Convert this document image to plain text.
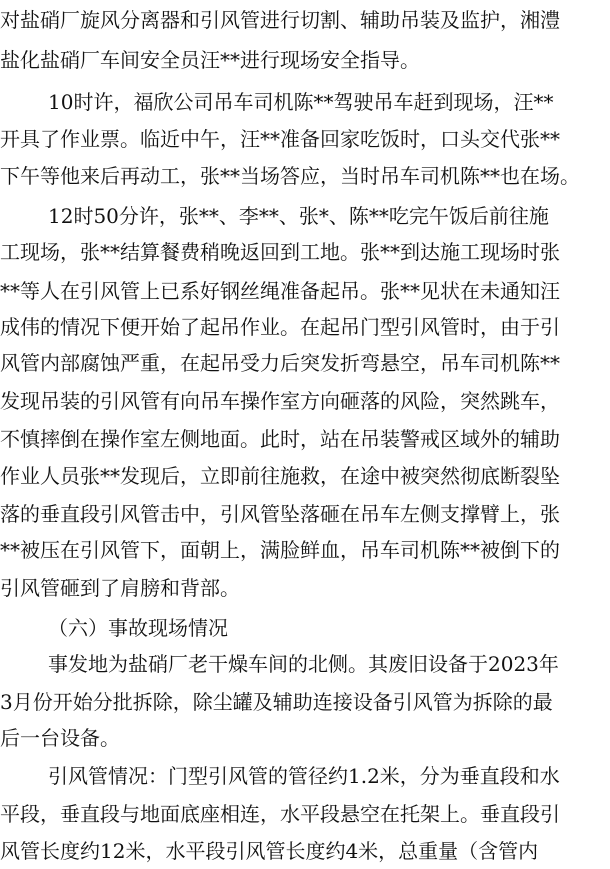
对盐硝厂旋风分离器和引风管进行切割、辅助吊装及监护，湘澧
盐化盐硝厂车间安全员汪**进行现场安全指导。
10时许，福欣公司吊车司机陈**驾驶吊车赶到现场，汪**
开具了作业票。临近中午，汪**准备回家吃饭时，口头交代张**
下午等他来后再动工，张**当场答应，当时吊车司机陈**也在场。
12时50分许，张**、李**、张*、陈**吃完午饭后前往施
工现场，张**结算餐费稍晚返回到工地。张**到达施工现场时张
**等人在引风管上已系好钢丝绳准备起吊。张**见状在未通知汪
成伟的情况下便开始了起吊作业。在起吊门型引风管时，由于引
风管内部腐蚀严重，在起吊受力后突发折弯悬空，吊车司机陈**
发现吊装的引风管有向吊车操作室方向砸落的风险，突然跳车，
不慎摔倒在操作室左侧地面。此时，站在吊装警戒区域外的辅助
作业人员张**发现后，立即前往施救，在途中被突然彻底断裂坠
落的垂直段引风管击中，引风管坠落砸在吊车左侧支撑臂上，张
**被压在引风管下，面朝上，满脸鲜血，吊车司机陈**被倒下的
引风管砸到了肩膀和背部。
（六）事故现场情况
事发地为盐硝厂老干燥车间的北侧。其废旧设备于2023年
3月份开始分批拆除，除尘罐及辅助连接设备引风管为拆除的最
后一台设备。
引风管情况：门型引风管的管径约1.2米，分为垂直段和水
平段，垂直段与地面底座相连，水平段悬空在托架上。垂直段引
风管长度约12米，水平段引风管长度约4米，总重量（含管内
